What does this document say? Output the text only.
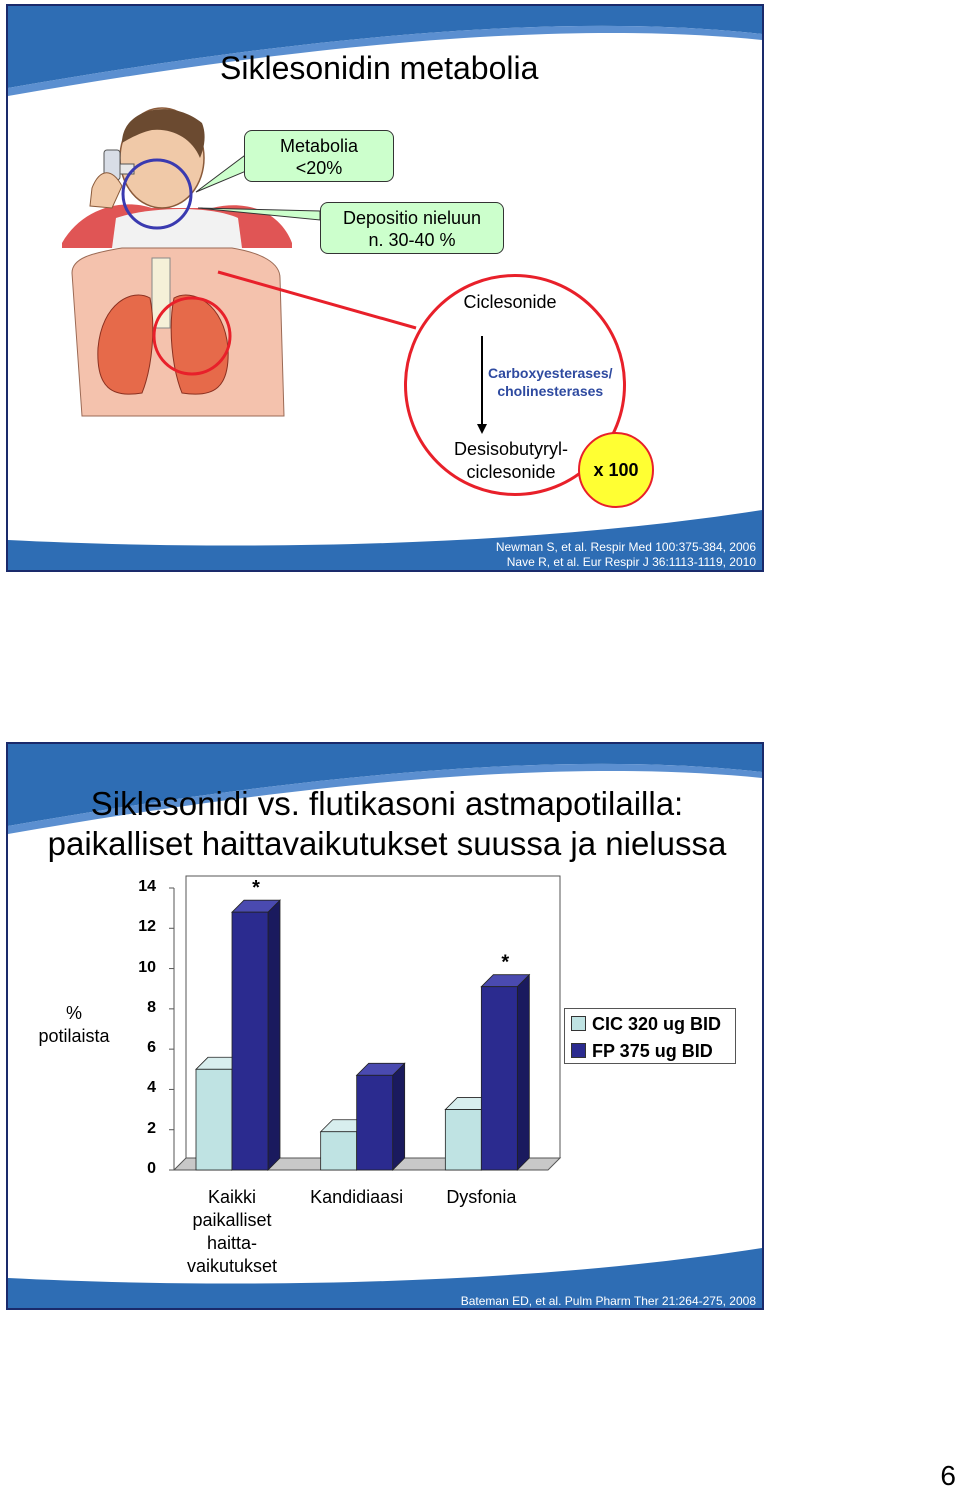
Siklesonidin metabolia
Metabolia
<20%
Depositio nieluun
n. 30-40 %
Ciclesonide
Carboxyesterases/
cholinesterases
Desisobutyryl-
ciclesonide	x 100
Newman S, et al. Respir Med 100:375-384, 2006
Nave R, et al. Eur Respir J 36:1113-1119, 2010
Siklesonidi vs. flutikasoni astmapotilailla:
paikalliset haittavaikutukset suussa ja nielussa
% potilaista
0
2
4
6
8
10
12
14	*
*
Kaikki
paikalliset
haitta-
vaikutukset
Kandidiaasi	Dysfonia
CIC 320 ug BID
FP 375 ug BID
Bateman ED, et al. Pulm Pharm Ther 21:264-275, 2008
6
